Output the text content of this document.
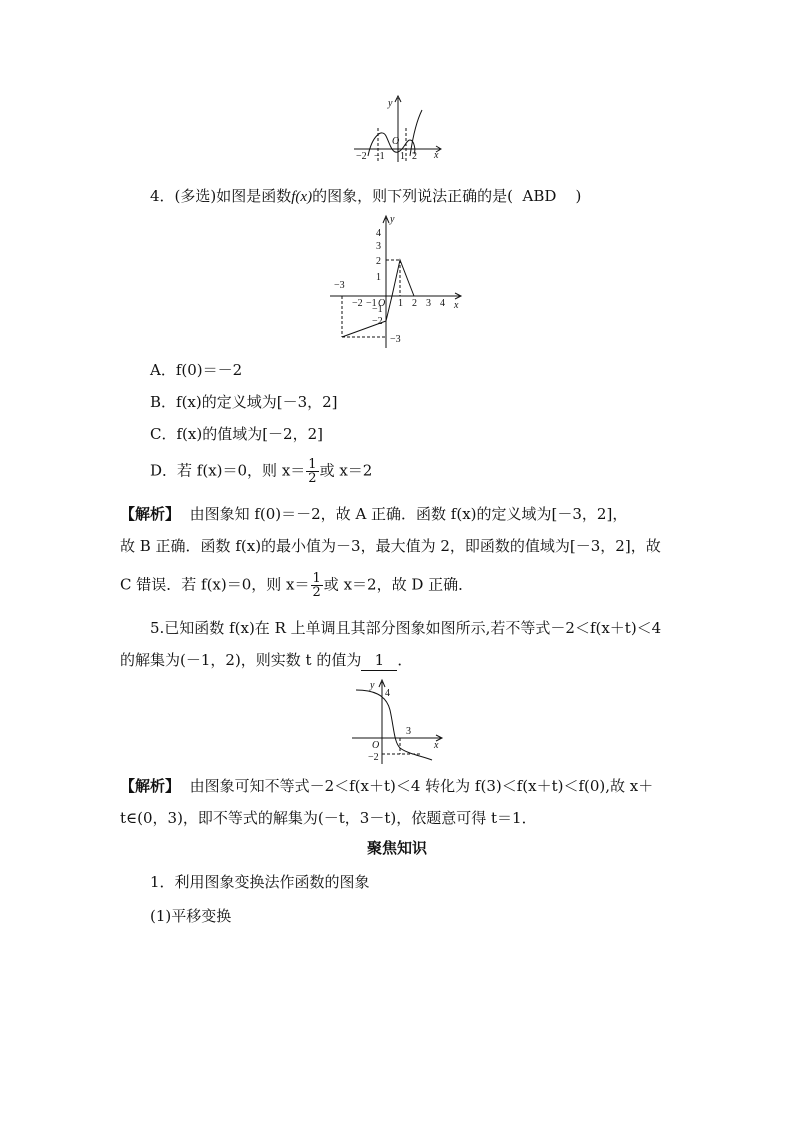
y
x
O
−2 −1 1 2
4．(多选)如图是函数f(x)的图象，则下列说法正确的是( ABD )
y
x
O
4
3
2
1
−1
−2
−3
−3
−2 −1 1 2 3 4
A．f(0)＝－2
B．f(x)的定义域为[－3，2]
C．f(x)的值域为[－2，2]
D．若 f(x)＝0，则 $x= \frac{1}{2}$ 或 x＝2
【解析】 由图象知 f(0)＝－2，故 A 正确．函数 f(x)的定义域为[－3，2]，
故 B 正确．函数 f(x)的最小值为－3，最大值为 2，即函数的值域为[－3，2]，故
C 错误．若 f(x)＝0，则 $x= \frac{1}{2}$ 或 x＝2，故 D 正确．
5.已知函数 f(x)在 R 上单调且其部分图象如图所示,若不等式－2＜f(x＋t)＜4
的解集为(－1，2)，则实数 t 的值为 1 ．
y
x
O
4
−2
3
【解析】 由图象可知不等式－2＜f(x＋t)＜4 转化为 f(3)＜f(x＋t)＜f(0),故 x＋
t∈(0，3)，即不等式的解集为(－t，3－t)，依题意可得 t＝1．
聚焦知识
1．利用图象变换法作函数的图象
(1)平移变换
